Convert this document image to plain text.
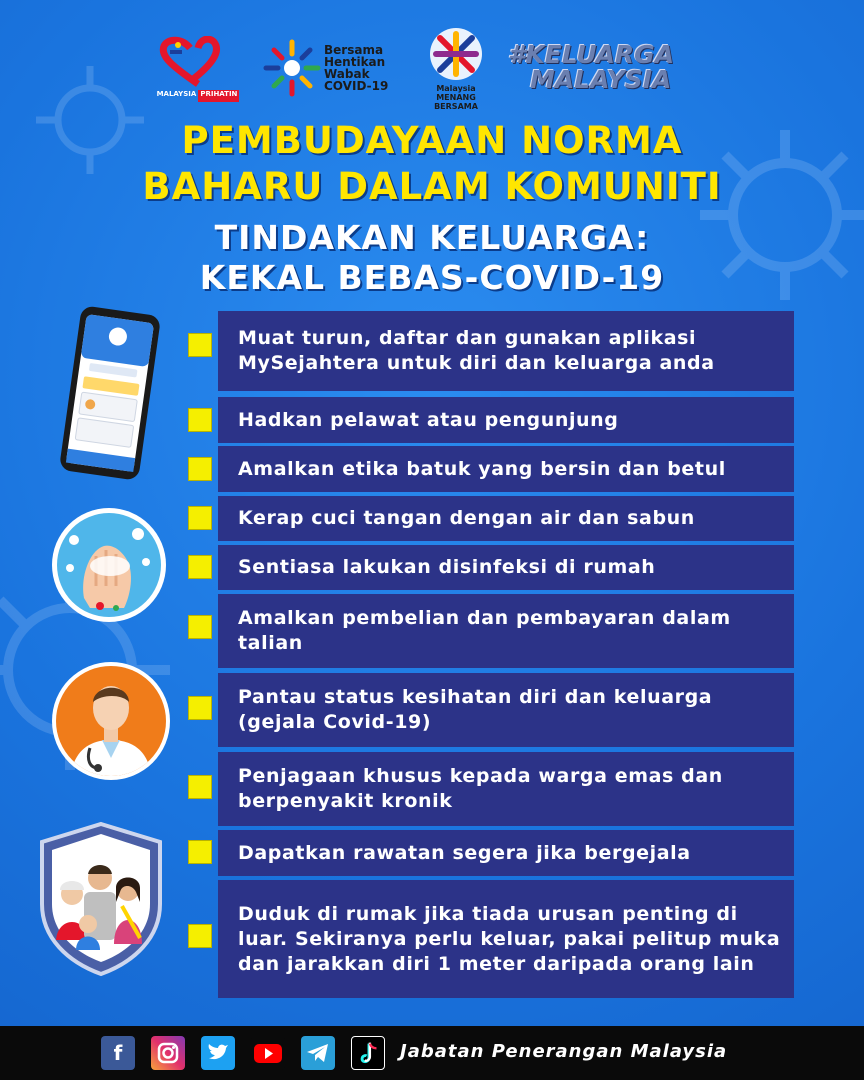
MALAYSIA PRIHATIN
Bersama
Hentikan
Wabak
COVID-19	Malaysia
MENANG
BERSAMA
#KELUARGA
MALAYSIA
PEMBUDAYAAN NORMA
BAHARU DALAM KOMUNITI
TINDAKAN KELUARGA:
KEKAL BEBAS-COVID-19
Muat turun, daftar dan gunakan aplikasi MySejahtera untuk diri dan keluarga anda
Hadkan pelawat atau pengunjung
Amalkan etika batuk yang bersin dan betul
Kerap cuci tangan dengan air dan sabun
Sentiasa lakukan disinfeksi di rumah
Amalkan pembelian dan pembayaran dalam talian
Pantau status kesihatan diri dan keluarga (gejala Covid-19)
Penjagaan khusus kepada warga emas dan berpenyakit kronik
Dapatkan rawatan segera jika bergejala
Duduk di rumak jika tiada urusan penting di luar. Sekiranya perlu keluar, pakai pelitup muka dan jarakkan diri 1 meter daripada orang lain
f	Jabatan Penerangan Malaysia
